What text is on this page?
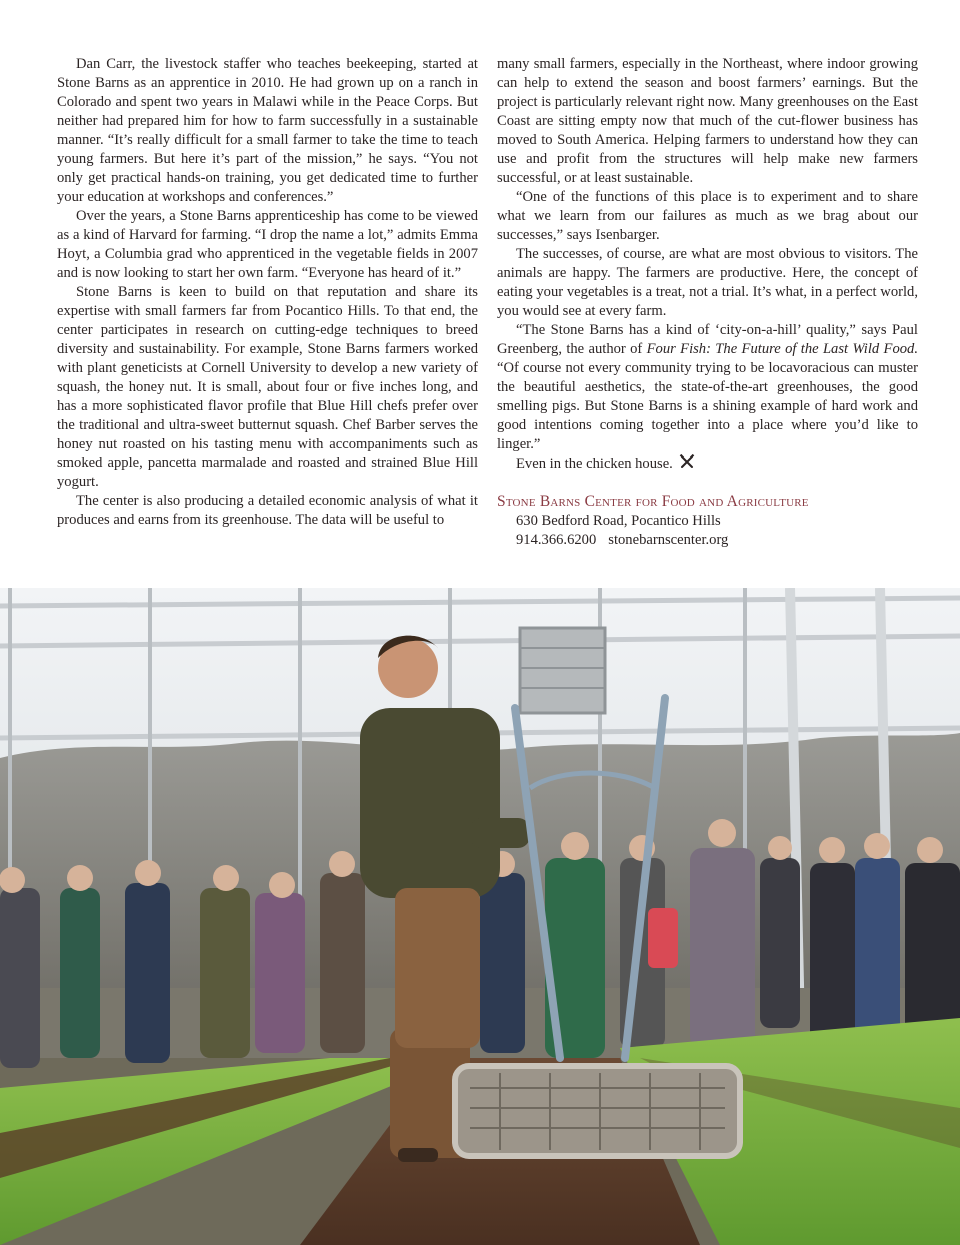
Dan Carr, the livestock staffer who teaches beekeeping, started at Stone Barns as an apprentice in 2010. He had grown up on a ranch in Colorado and spent two years in Malawi while in the Peace Corps. But neither had prepared him for how to farm successfully in a sustainable manner. “It’s really difficult for a small farmer to take the time to teach young farmers. But here it’s part of the mission,” he says. “You not only get practical hands-on training, you get dedicated time to further your education at workshops and conferences.”

Over the years, a Stone Barns apprenticeship has come to be viewed as a kind of Harvard for farming. “I drop the name a lot,” admits Emma Hoyt, a Columbia grad who apprenticed in the vegetable fields in 2007 and is now looking to start her own farm. “Everyone has heard of it.”

Stone Barns is keen to build on that reputation and share its expertise with small farmers far from Pocantico Hills. To that end, the center participates in research on cutting-edge techniques to breed diversity and sustainability. For example, Stone Barns farmers worked with plant geneticists at Cornell University to develop a new variety of squash, the honey nut. It is small, about four or five inches long, and has a more sophisticated flavor profile that Blue Hill chefs prefer over the traditional and ultra-sweet butternut squash. Chef Barber serves the honey nut roasted on his tasting menu with accompaniments such as smoked apple, pancetta marmalade and roasted and strained Blue Hill yogurt.

The center is also producing a detailed economic analysis of what it produces and earns from its greenhouse. The data will be useful to

many small farmers, especially in the Northeast, where indoor growing can help to extend the season and boost farmers’ earnings. But the project is particularly relevant right now. Many greenhouses on the East Coast are sitting empty now that much of the cut-flower business has moved to South America. Helping farmers to understand how they can use and profit from the structures will help make new farmers successful, or at least sustainable.

“One of the functions of this place is to experiment and to share what we learn from our failures as much as we brag about our successes,” says Isenbarger.

The successes, of course, are what are most obvious to visitors. The animals are happy. The farmers are productive. Here, the concept of eating your vegetables is a treat, not a trial. It’s what, in a perfect world, you would see at every farm.

“The Stone Barns has a kind of ‘city-on-a-hill’ quality,” says Paul Greenberg, the author of Four Fish: The Future of the Last Wild Food. “Of course not every community trying to be locavoracious can muster the beautiful aesthetics, the state-of-the-art greenhouses, the good smelling pigs. But Stone Barns is a shining example of hard work and good intentions coming together into a place where you’d like to linger.”

Even in the chicken house.

Stone Barns Center for Food and Agriculture
630 Bedford Road, Pocantico Hills
914.366.6200 stonebarnscenter.org
